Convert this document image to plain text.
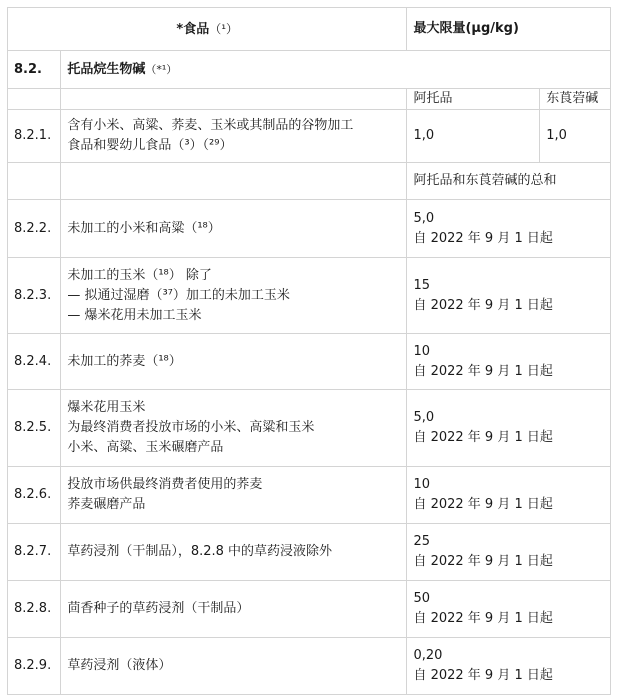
*食品（¹）		最大限量(µg/kg)	
8.2.	托品烷生物碱（*¹）		
		阿托品	东莨菪碱
8.2.1.	含有小米、高粱、荞麦、玉米或其制品的谷物加工
食品和婴幼儿食品（³）（²⁹）	1,0	1,0
		阿托品和东莨菪碱的总和	
8.2.2.	未加工的小米和高粱（¹⁸）	5,0
自 2022 年 9 月 1 日起	

8.2.3.	未加工的玉米（¹⁸） 除了
— 拟通过湿磨（³⁷）加工的未加工玉米
— 爆米花用未加工玉米	15
自 2022 年 9 月 1 日起	

8.2.4.	未加工的荞麦（¹⁸）	10
自 2022 年 9 月 1 日起	

8.2.5.	爆米花用玉米
为最终消费者投放市场的小米、高粱和玉米
小米、高粱、玉米碾磨产品	5,0
自 2022 年 9 月 1 日起	

8.2.6.	投放市场供最终消费者使用的荞麦
荞麦碾磨产品	10
自 2022 年 9 月 1 日起	

8.2.7.	草药浸剂（干制品），8.2.8 中的草药浸液除外	25
自 2022 年 9 月 1 日起	

8.2.8.	茴香种子的草药浸剂（干制品）	50
自 2022 年 9 月 1 日起	

8.2.9.	草药浸剂（液体）	0,20
自 2022 年 9 月 1 日起	
